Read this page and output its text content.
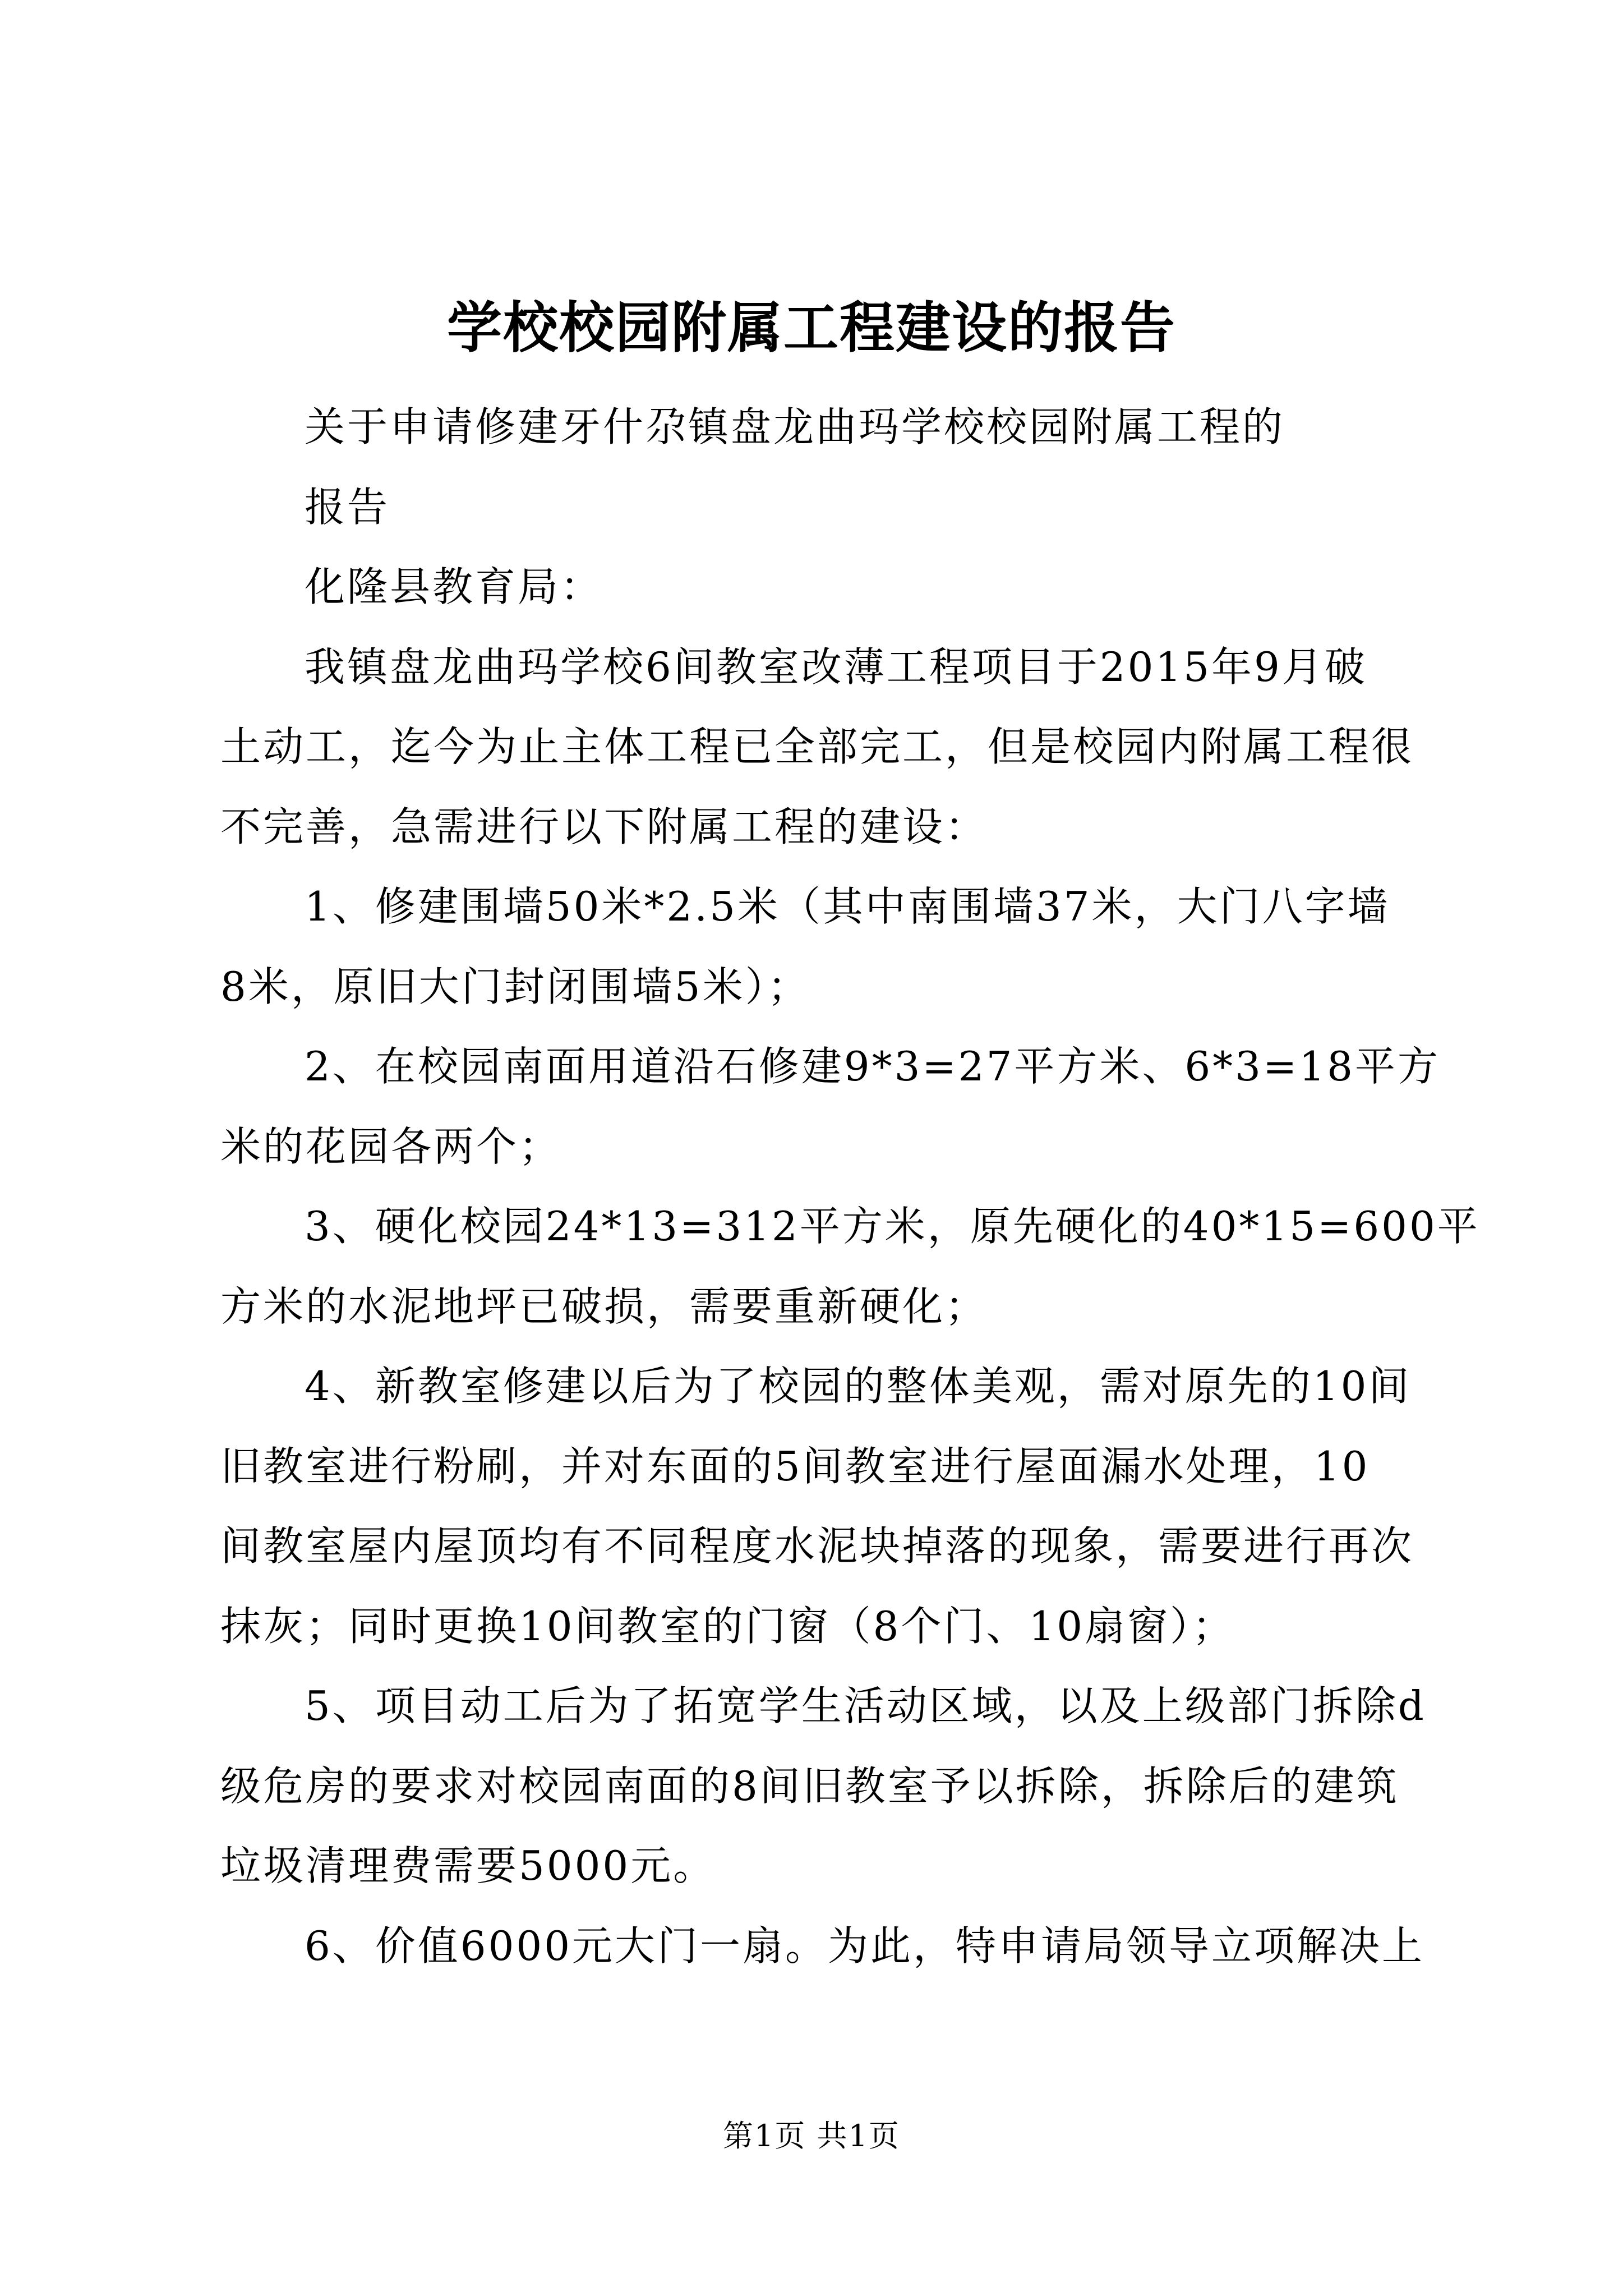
学校校园附属工程建设的报告
关于申请修建牙什尕镇盘龙曲玛学校校园附属工程的
报告
化隆县教育局：
我镇盘龙曲玛学校6间教室改薄工程项目于2015年9月破
土动工，迄今为止主体工程已全部完工，但是校园内附属工程很
不完善，急需进行以下附属工程的建设：
1、修建围墙50米*2.5米（其中南围墙37米，大门八字墙
8米，原旧大门封闭围墙5米）；
2、在校园南面用道沿石修建9*3=27平方米、6*3=18平方
米的花园各两个；
3、硬化校园24*13=312平方米，原先硬化的40*15=600平
方米的水泥地坪已破损，需要重新硬化；
4、新教室修建以后为了校园的整体美观，需对原先的10间
旧教室进行粉刷，并对东面的5间教室进行屋面漏水处理，10
间教室屋内屋顶均有不同程度水泥块掉落的现象，需要进行再次
抹灰；同时更换10间教室的门窗（8个门、10扇窗）；
5、项目动工后为了拓宽学生活动区域，以及上级部门拆除d
级危房的要求对校园南面的8间旧教室予以拆除，拆除后的建筑
垃圾清理费需要5000元。
6、价值6000元大门一扇。为此，特申请局领导立项解决上
第1页 共1页
